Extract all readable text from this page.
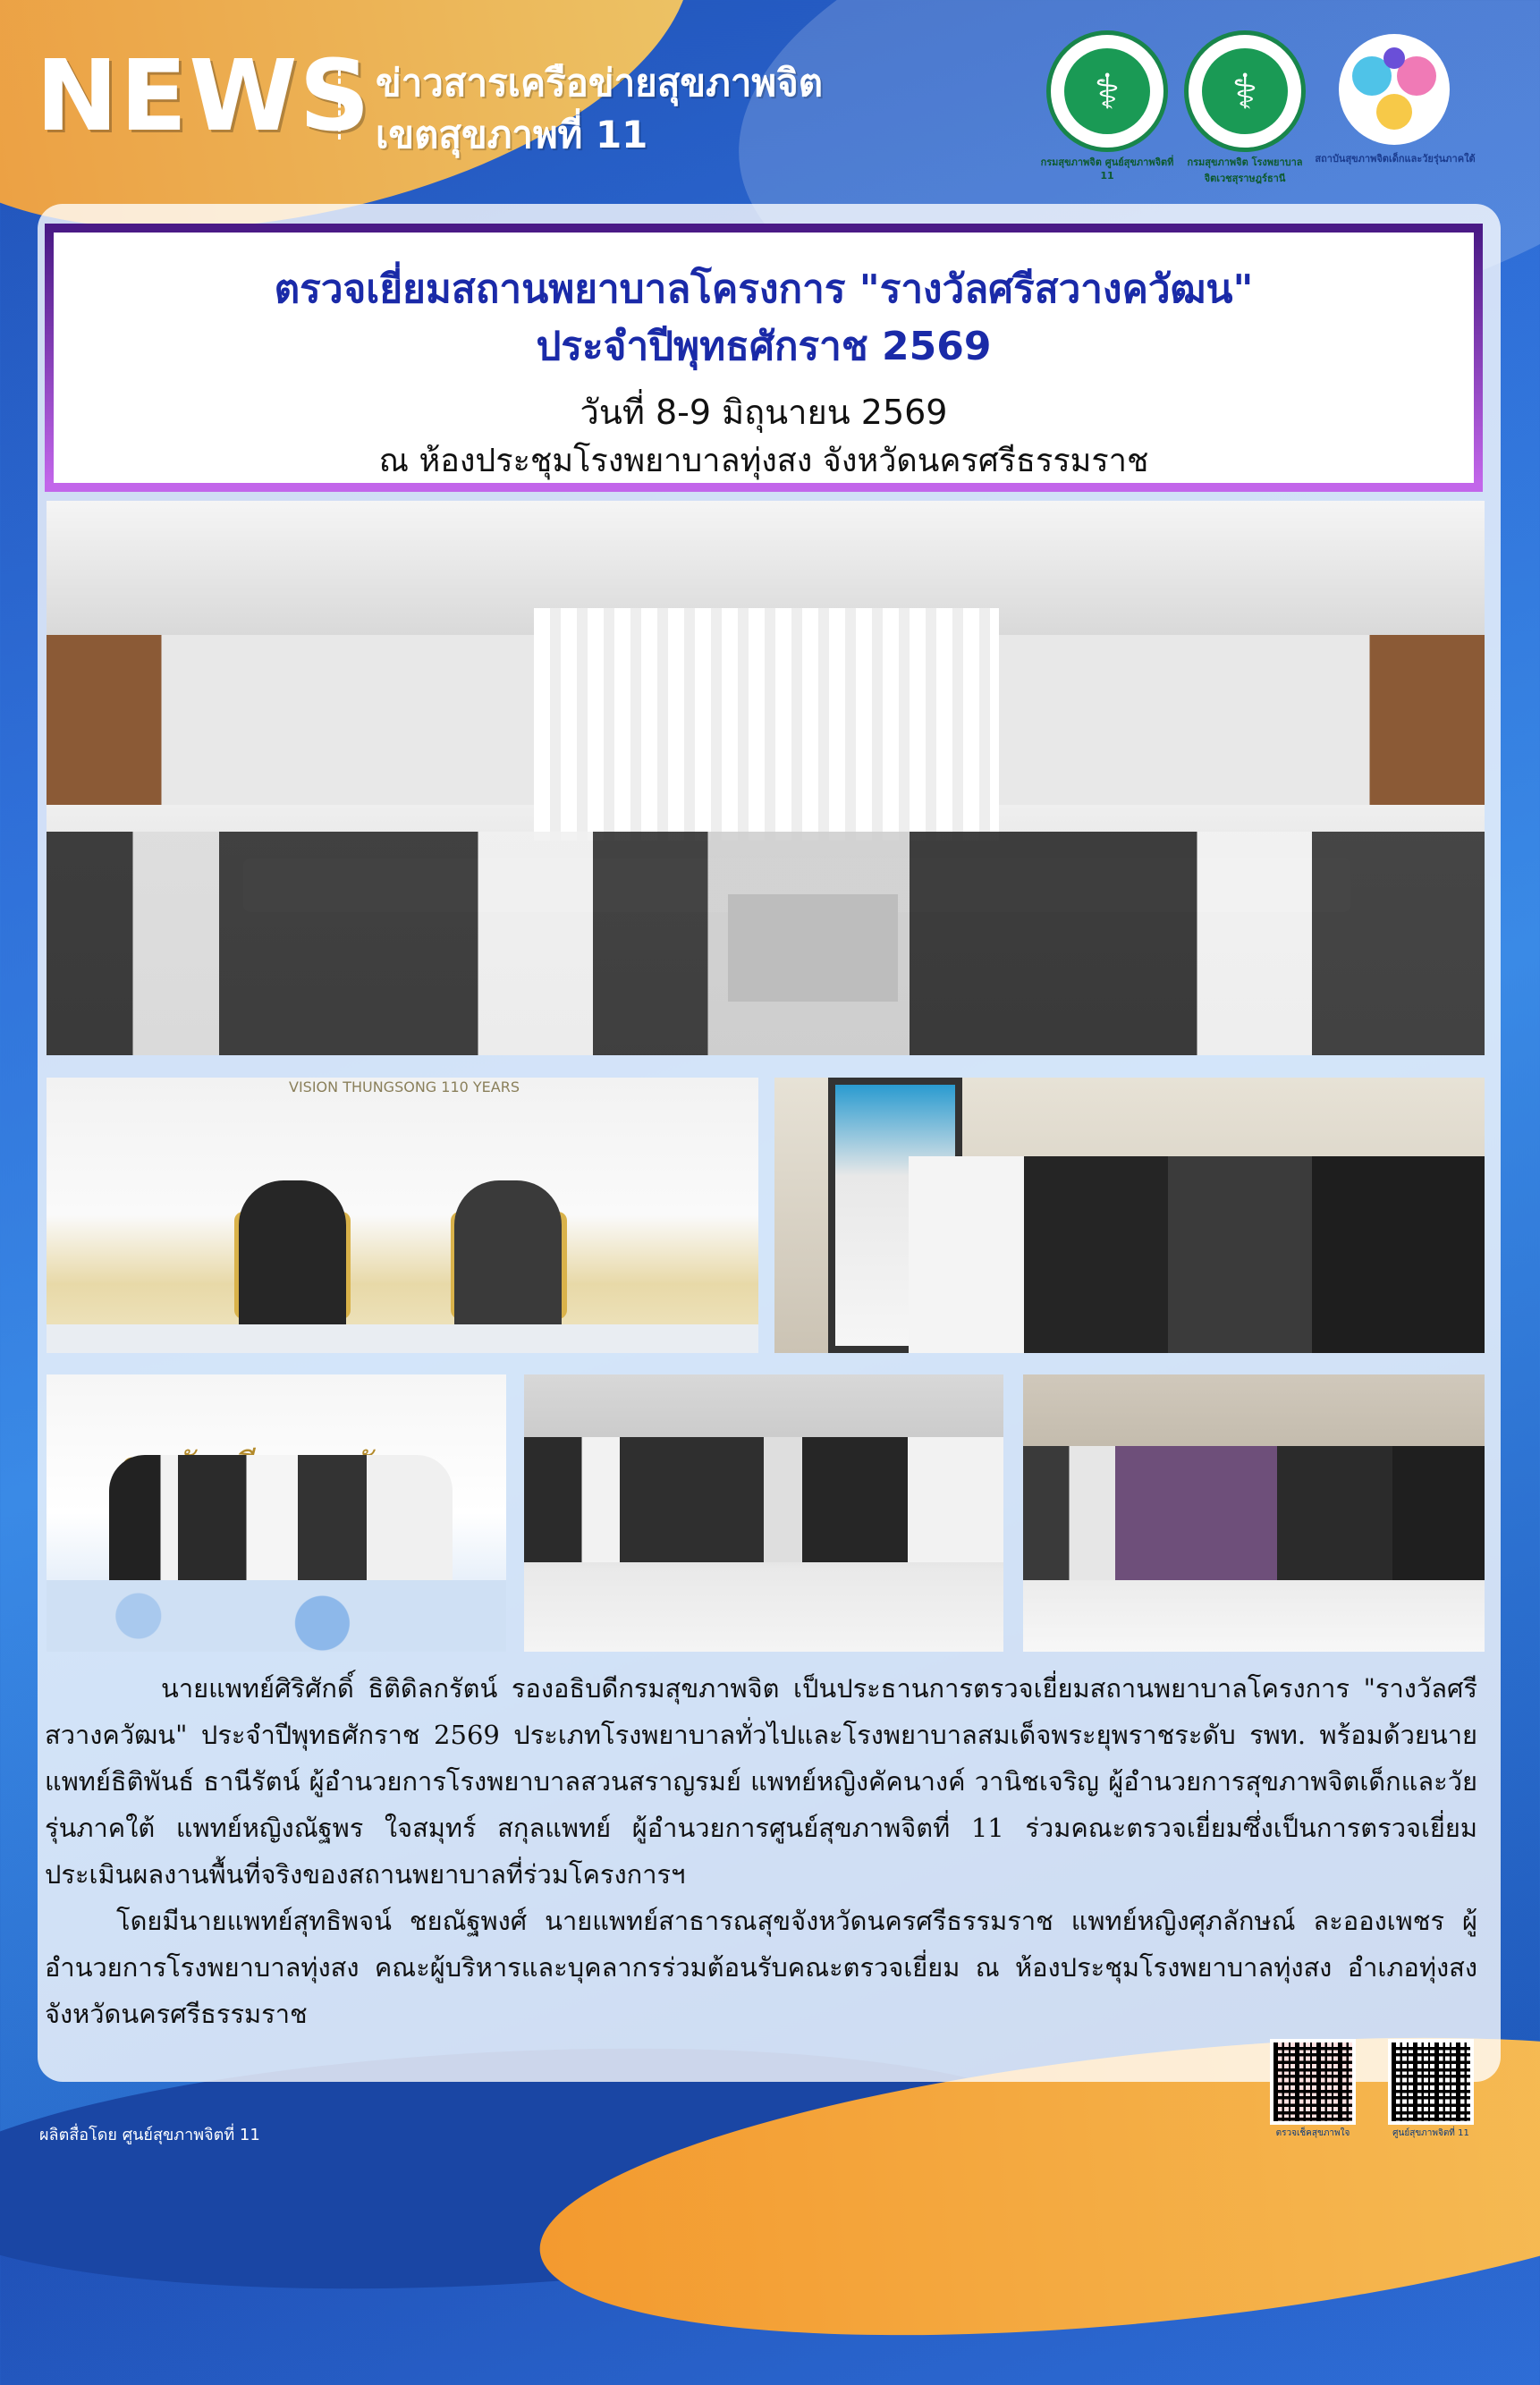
NEWS ข่าวสารเครือข่ายสุขภาพจิต
เขตสุขภาพที่ 11
⚕
กรมสุขภาพจิต ศูนย์สุขภาพจิตที่ 11
⚕
กรมสุขภาพจิต โรงพยาบาลจิตเวชสุราษฎร์ธานี
สถาบันสุขภาพจิตเด็กและวัยรุ่นภาคใต้
ตรวจเยี่ยมสถานพยาบาลโครงการ "รางวัลศรีสวางควัฒน"
ประจำปีพุทธศักราช 2569
วันที่ 8-9 มิถุนายน 2569
ณ ห้องประชุมโรงพยาบาลทุ่งสง จังหวัดนครศรีธรรมราช
VISION THUNGSONG 110 YEARS

นายแพทย์ศิริศักดิ์ ธิติดิลกรัตน์ รองอธิบดีกรมสุขภาพจิต เป็นประธานการตรวจเยี่ยมสถานพยาบาลโครงการ "รางวัลศรีสวางควัฒน" ประจำปีพุทธศักราช 2569 ประเภทโรงพยาบาลทั่วไปและโรงพยาบาลสมเด็จพระยุพราชระดับ รพท. พร้อมด้วยนายแพทย์ธิติพันธ์ ธานีรัตน์ ผู้อำนวยการโรงพยาบาลสวนสราญรมย์ แพทย์หญิงคัคนางค์ วานิชเจริญ ผู้อำนวยการสุขภาพจิตเด็กและวัยรุ่นภาคใต้ แพทย์หญิงณัฐพร ใจสมุทร์ สกุลแพทย์ ผู้อำนวยการศูนย์สุขภาพจิตที่ 11 ร่วมคณะตรวจเยี่ยมซึ่งเป็นการตรวจเยี่ยมประเมินผลงานพื้นที่จริงของสถานพยาบาลที่ร่วมโครงการฯ

โดยมีนายแพทย์สุทธิพจน์ ชยณัฐพงศ์ นายแพทย์สาธารณสุขจังหวัดนครศรีธรรมราช แพทย์หญิงศุภลักษณ์ ละอองเพชร ผู้อำนวยการโรงพยาบาลทุ่งสง คณะผู้บริหารและบุคลากรร่วมต้อนรับคณะตรวจเยี่ยม ณ ห้องประชุมโรงพยาบาลทุ่งสง อำเภอทุ่งสง จังหวัดนครศรีธรรมราช

ตรวจเช็คสุขภาพใจ	ศูนย์สุขภาพจิตที่ 11
ผลิตสื่อโดย ศูนย์สุขภาพจิตที่ 11
